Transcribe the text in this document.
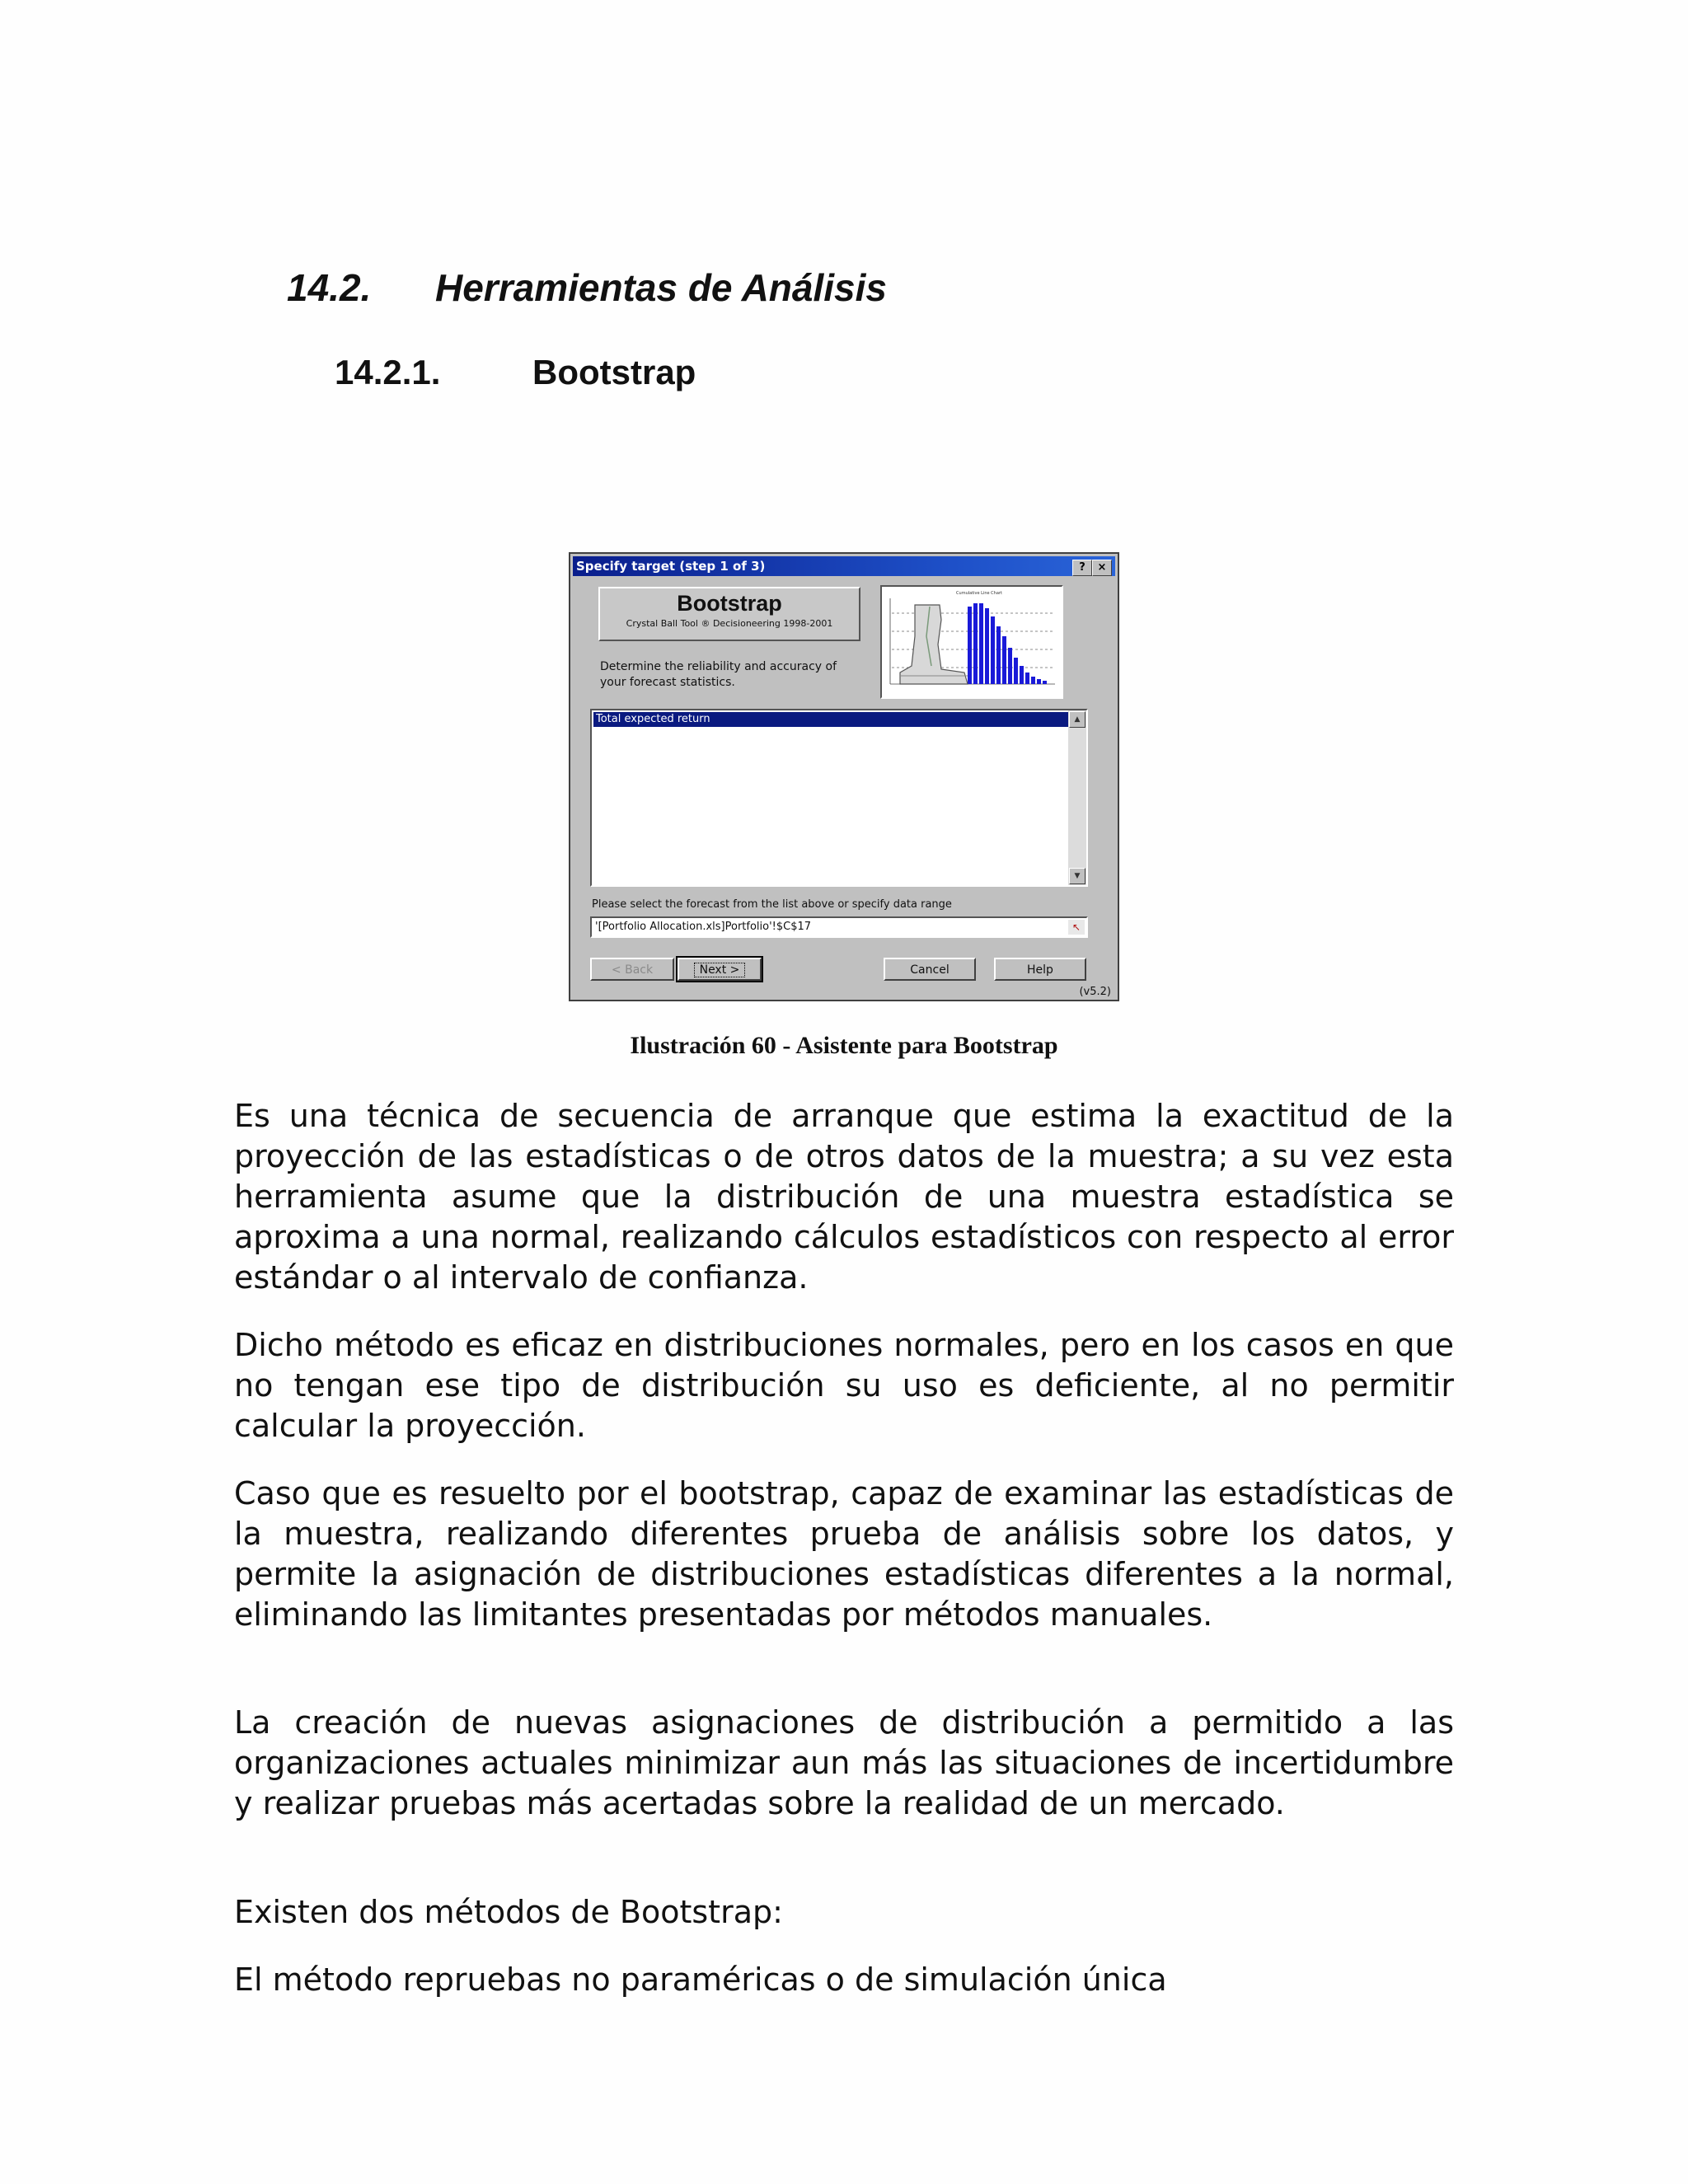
14.2. Herramientas de Análisis
14.2.1.	Bootstrap
Specify target (step 1 of 3)	?	×
Bootstrap
Crystal Ball Tool ® Decisioneering 1998-2001
Determine the reliability and accuracy of your forecast statistics.
Cumulative Line Chart
Total expected return	▲
▼
Please select the forecast from the list above or specify data range
'[Portfolio Allocation.xls]Portfolio'!$C$17	↖
< Back	Next >	Cancel	Help
(v5.2)
Ilustración 60 - Asistente para Bootstrap
Es una técnica de secuencia de arranque que estima la exactitud de la proyección de las estadísticas o de otros datos de la muestra; a su vez esta herramienta asume que la distribución de una muestra estadística se aproxima a una normal, realizando cálculos estadísticos con respecto al error estándar o al intervalo de confianza.
Dicho método es eficaz en distribuciones normales, pero en los casos en que no tengan ese tipo de distribución su uso es deficiente, al no permitir calcular la proyección.
Caso que es resuelto por el bootstrap, capaz de examinar las estadísticas de la muestra, realizando diferentes prueba de análisis sobre los datos, y permite la asignación de distribuciones estadísticas diferentes a la normal, eliminando las limitantes presentadas por métodos manuales.
La creación de nuevas asignaciones de distribución a permitido a las organizaciones actuales minimizar aun más las situaciones de incertidumbre y realizar pruebas más acertadas sobre la realidad de un mercado.
Existen dos métodos de Bootstrap:
El método repruebas no paraméricas o de simulación única
